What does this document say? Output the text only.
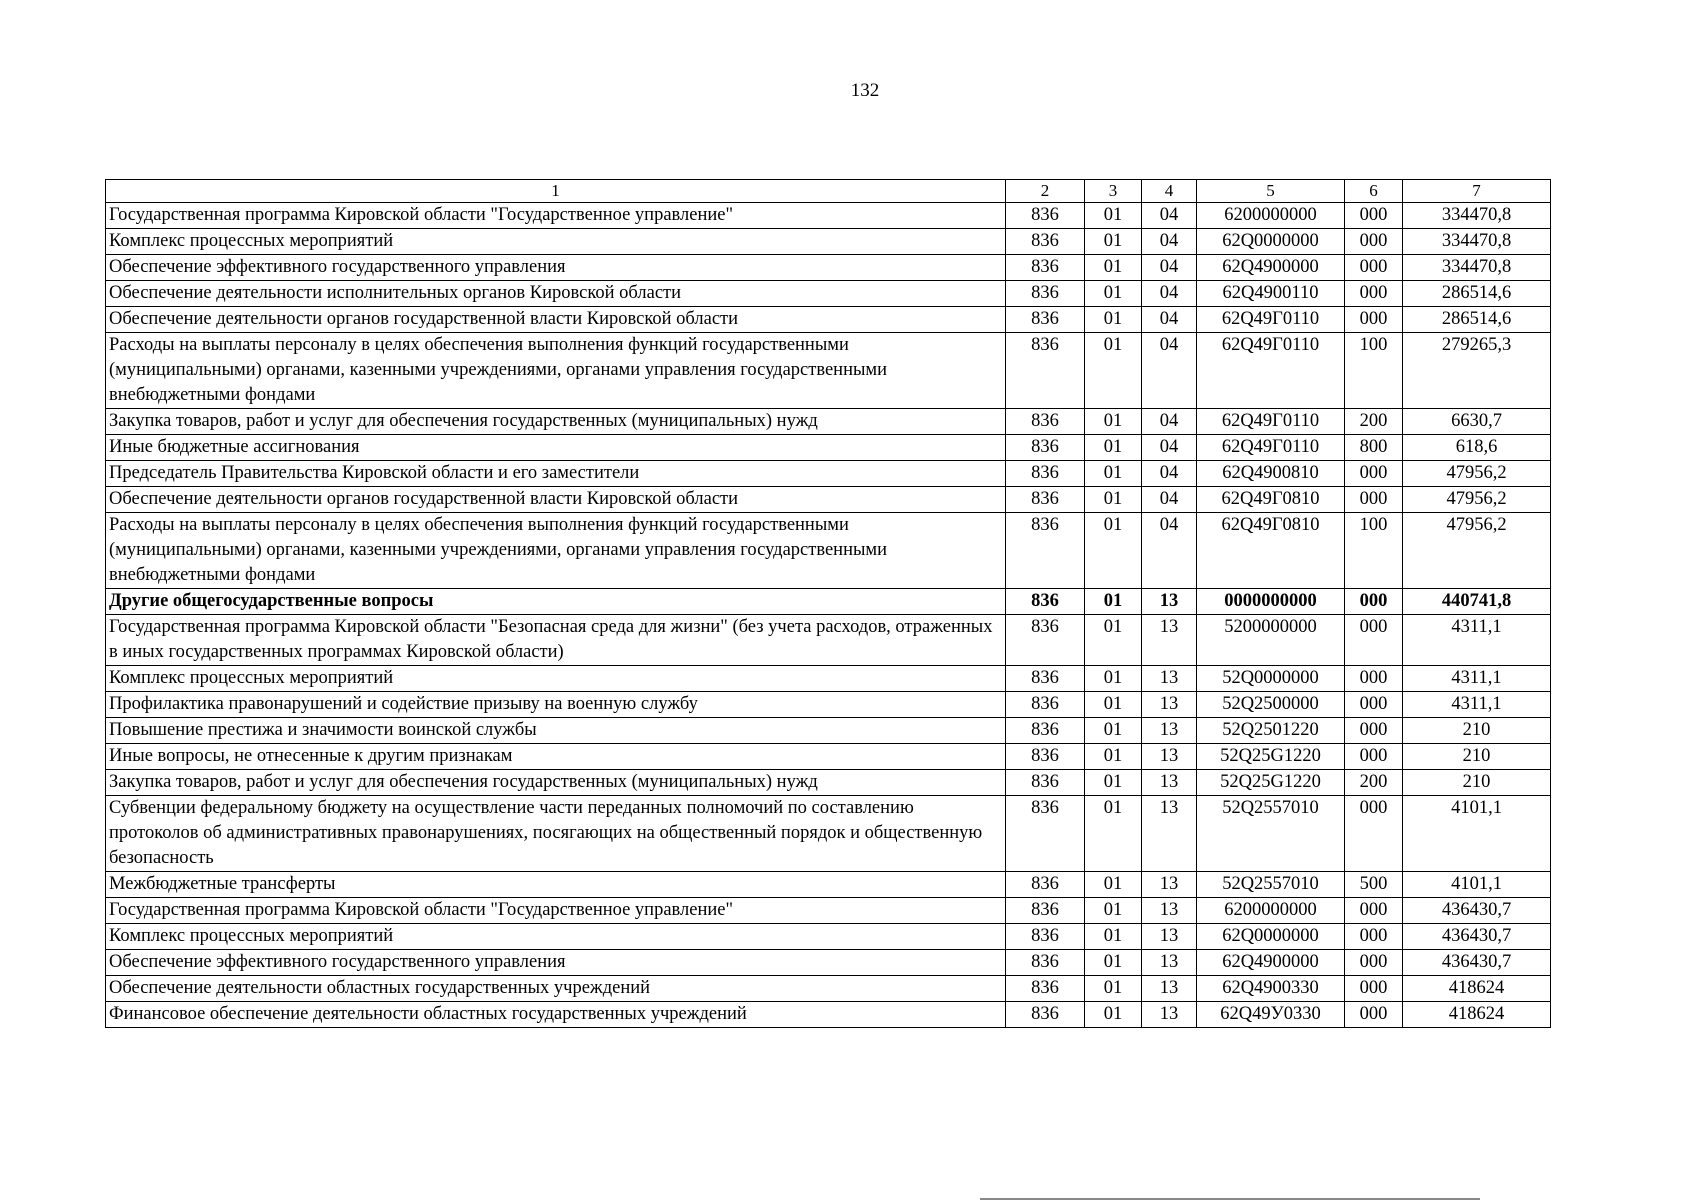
132
1	2	3	4	5	6	7
Государственная программа Кировской области "Государственное управление"	836	01	04	6200000000	000	334470,8
Комплекс процессных мероприятий	836	01	04	62Q0000000	000	334470,8
Обеспечение эффективного государственного управления	836	01	04	62Q4900000	000	334470,8
Обеспечение деятельности исполнительных органов Кировской области	836	01	04	62Q4900110	000	286514,6
Обеспечение деятельности органов государственной власти Кировской области	836	01	04	62Q49Г0110	000	286514,6
Расходы на выплаты персоналу в целях обеспечения выполнения функций государственными (муниципальными) органами, казенными учреждениями, органами управления государственными внебюджетными фондами	836	01	04	62Q49Г0110	100	279265,3
Закупка товаров, работ и услуг для обеспечения государственных (муниципальных) нужд	836	01	04	62Q49Г0110	200	6630,7
Иные бюджетные ассигнования	836	01	04	62Q49Г0110	800	618,6
Председатель Правительства Кировской области и его заместители	836	01	04	62Q4900810	000	47956,2
Обеспечение деятельности органов государственной власти Кировской области	836	01	04	62Q49Г0810	000	47956,2
Расходы на выплаты персоналу в целях обеспечения выполнения функций государственными (муниципальными) органами, казенными учреждениями, органами управления государственными внебюджетными фондами	836	01	04	62Q49Г0810	100	47956,2
Другие общегосударственные вопросы	836	01	13	0000000000	000	440741,8
Государственная программа Кировской области "Безопасная среда для жизни" (без учета расходов, отраженных в иных государственных программах Кировской области)	836	01	13	5200000000	000	4311,1
Комплекс процессных мероприятий	836	01	13	52Q0000000	000	4311,1
Профилактика правонарушений и содействие призыву на военную службу	836	01	13	52Q2500000	000	4311,1
Повышение престижа и значимости воинской службы	836	01	13	52Q2501220	000	210
Иные вопросы, не отнесенные к другим признакам	836	01	13	52Q25G1220	000	210
Закупка товаров, работ и услуг для обеспечения государственных (муниципальных) нужд	836	01	13	52Q25G1220	200	210
Субвенции федеральному бюджету на осуществление части переданных полномочий по составлению протоколов об административных правонарушениях, посягающих на общественный порядок и общественную безопасность	836	01	13	52Q2557010	000	4101,1
Межбюджетные трансферты	836	01	13	52Q2557010	500	4101,1
Государственная программа Кировской области "Государственное управление"	836	01	13	6200000000	000	436430,7
Комплекс процессных мероприятий	836	01	13	62Q0000000	000	436430,7
Обеспечение эффективного государственного управления	836	01	13	62Q4900000	000	436430,7
Обеспечение деятельности областных государственных учреждений	836	01	13	62Q4900330	000	418624
Финансовое обеспечение деятельности областных государственных учреждений	836	01	13	62Q49У0330	000	418624
